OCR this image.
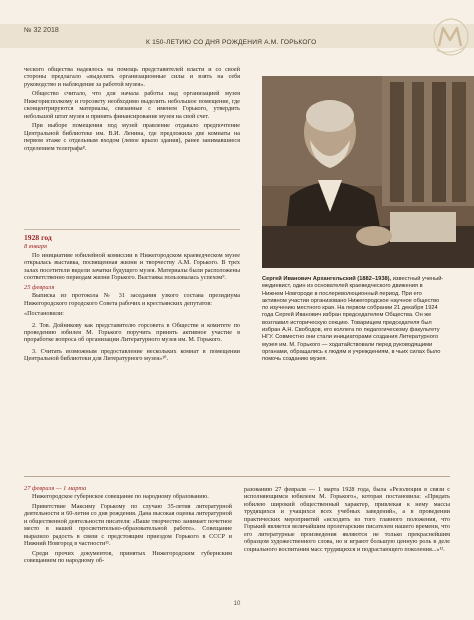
№ 32 2018
К 150-ЛЕТИЮ СО ДНЯ РОЖДЕНИЯ А.М. ГОРЬКОГО

ческого общества надеялось на помощь представителей власти и со своей стороны предлагало «выделить организационные силы и взять на себя руководство и наблюдение за работой музея».

Общество считало, что для начала работы над организацией музея Нижгорисполкому и горсовету необходимо выделить небольшое помещение, где сконцентрируются материалы, связанные с именем Горького, утвердить небольшой штат музея и принять финансирование музея на свой счет.

При выборе помещения под музей правление отдавало предпочтение Центральной библиотеке им. В.И. Ленина, где предложила две комнаты на первом этаже с отдельным входом (левое крыло здания), ранее занимавшиеся отделением телеграфа⁸.

1928 год
8 января

По инициативе юбилейной комиссии в Нижегородском краеведческом музее открылась выставка, посвященная жизни и творчеству А.М. Горького. В трех залах посетители видели зачатки будущего музея. Материалы были расположены соответственно периодам жизни Горького. Выставка пользовалась успехом⁹.

25 февраля

Выписка из протокола № 31 заседания узкого состава президиума Нижегородского городского Совета рабочих и крестьянских депутатов:

«Постановили:

2. Тов. Дойникову как представителю горсовета в Обществе и комитете по проведению юбилея М. Горького поручить принять активное участие в проработке вопроса об организации Литературного музея им. М. Горького.

3. Считать возможным предоставление нескольких комнат в помещении Центральной библиотеки для Литературного музея»¹⁰.

Сергей Иванович Архангельский (1882–1938), известный ученый-медиевист, один из основателей краеведческого движения в Нижнем Новгороде в послереволюционный период. При его активном участии организовано Нижегородское научное общество по изучению местного края. На первом собрании 21 декабря 1924 года Сергей Иванович избран председателем Общества. Он же возглавил историческую секцию. Товарищем председателя был избран А.Н. Свободов, его коллега по педагогическому факультету НГУ. Совместно они стали инициаторами создания Литературного музея им. М. Горького — ходатайствовали перед руководящими органами, обращались к людям и учреждениям, в чьих силах было помочь созданию музея.
27 февраля — 1 марта

Нижегородское губернское совещание по народному образованию.

Приветствие Максиму Горькому по случаю 35-летия литературной деятельности и 60-летия со дня рождения. Дана высокая оценка литературной и общественной деятельности писателя: «Ваше творчество занимает почетное место в нашей просветительно-образовательной работе». Совещание выразило радость в связи с предстоящим приездом Горького в СССР и Нижний Новгород в частности¹¹.

Среди прочих документов, принятых Нижегородским губернским совещанием по народному об-

разованию 27 февраля — 1 марта 1928 года, была «Резолюция в связи с исполняющимся юбилеем М. Горького», которая постановила: «Придать юбилею широкий общественный характер, привлекая к нему массы трудящихся и учащихся всех учебных заведений», а в проведении практических мероприятий «исходить из того главного положения, что Горький является величайшим пролетарским писателем нашего времени, что его литературные произведения являются не только прекраснейшим образцом художественного слова, но и играют большую ценную роль в деле социального воспитания масс трудящихся и подрастающего поколения...»¹².

10
